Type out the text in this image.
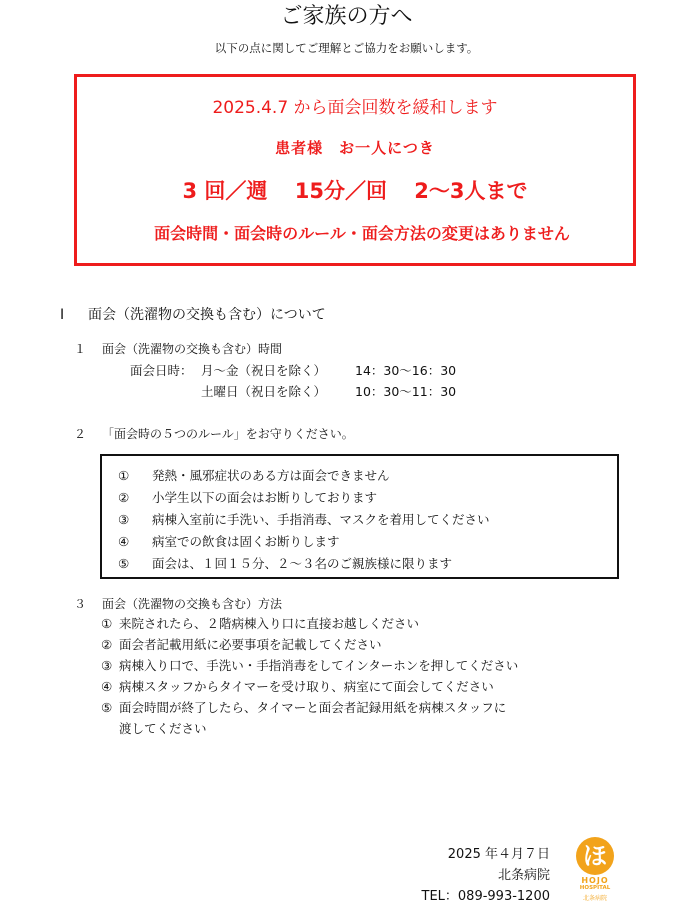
ご家族の方へ
以下の点に関してご理解とご協力をお願いします。
2025.4.7 から面会回数を緩和します
患者様　お一人につき
3 回／週 15分／回 2～3人まで
面会時間・面会時のルール・面会方法の変更はありません
Ⅰ 面会（洗濯物の交換も含む）について
１ 面会（洗濯物の交換も含む）時間
面会日時： 月～金（祝日を除く） 14：30～16：30
土曜日（祝日を除く） 10：30～11：30
２ 「面会時の５つのルール」をお守りください。
① 発熱・風邪症状のある方は面会できません
② 小学生以下の面会はお断りしております
③ 病棟入室前に手洗い、手指消毒、マスクを着用してください
④ 病室での飲食は固くお断りします
⑤ 面会は、１回１５分、２～３名のご親族様に限ります
３ 面会（洗濯物の交換も含む）方法
① 来院されたら、２階病棟入り口に直接お越しください
② 面会者記載用紙に必要事項を記載してください
③ 病棟入り口で、手洗い・手指消毒をしてインターホンを押してください
④ 病棟スタッフからタイマーを受け取り、病室にて面会してください
⑤ 面会時間が終了したら、タイマーと面会者記録用紙を病棟スタッフに
渡してください
2025 年４月７日
北条病院
TEL：089-993-1200
ほ
HOJO
HOSPITAL
北条病院
